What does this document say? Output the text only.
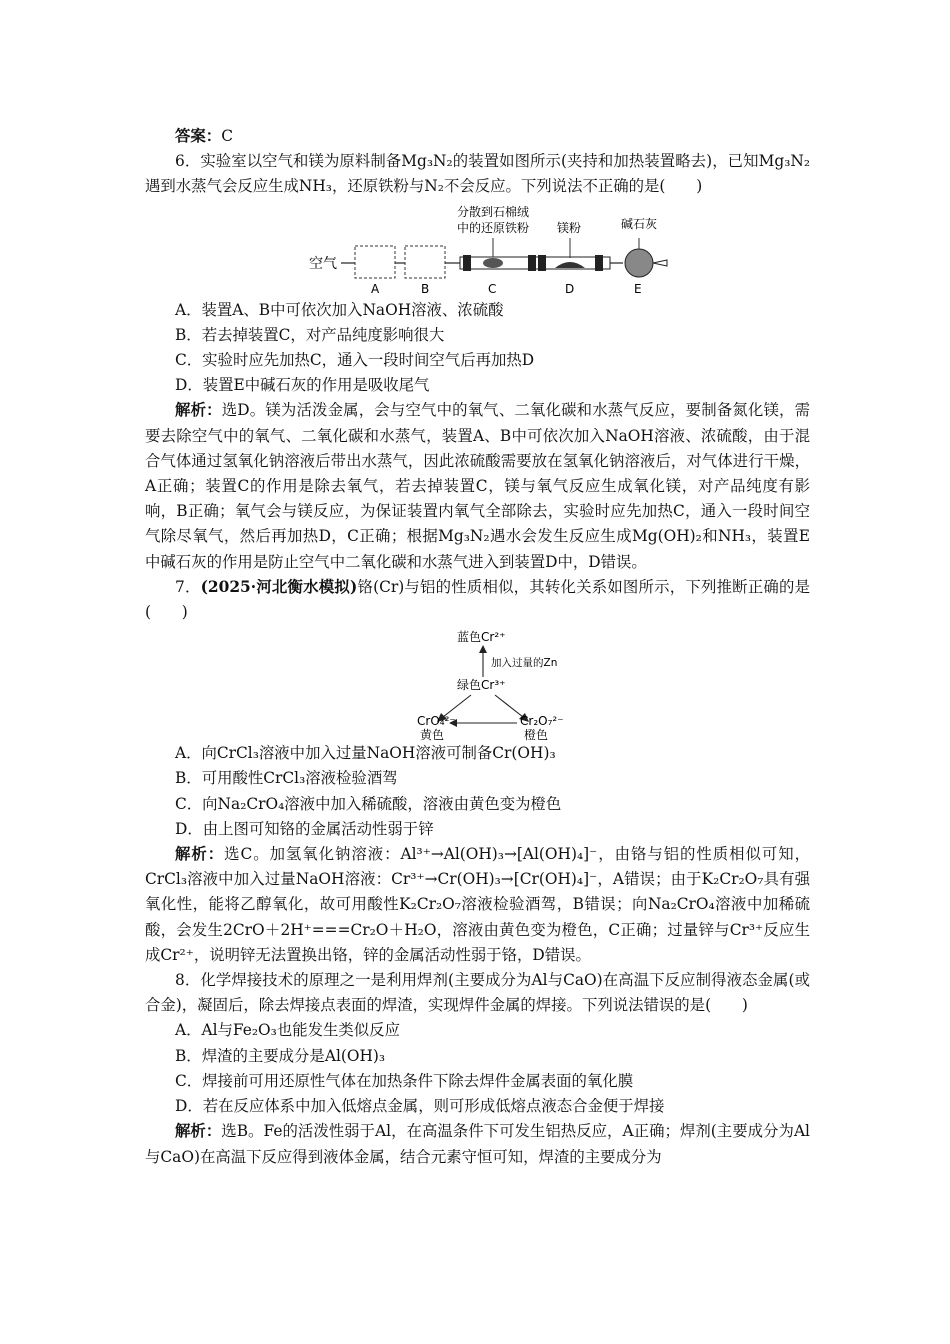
答案：C

6．实验室以空气和镁为原料制备Mg₃N₂的装置如图所示(夹持和加热装置略去)，已知Mg₃N₂遇到水蒸气会反应生成NH₃，还原铁粉与N₂不会反应。下列说法不正确的是(　　)

空气
分散到石棉绒
中的还原铁粉 镁粉	碱石灰
A	B	C	D	E

A．装置A、B中可依次加入NaOH溶液、浓硫酸

B．若去掉装置C，对产品纯度影响很大

C．实验时应先加热C，通入一段时间空气后再加热D

D．装置E中碱石灰的作用是吸收尾气

解析：选D。镁为活泼金属，会与空气中的氧气、二氧化碳和水蒸气反应，要制备氮化镁，需要去除空气中的氧气、二氧化碳和水蒸气，装置A、B中可依次加入NaOH溶液、浓硫酸，由于混合气体通过氢氧化钠溶液后带出水蒸气，因此浓硫酸需要放在氢氧化钠溶液后，对气体进行干燥，A正确；装置C的作用是除去氧气，若去掉装置C，镁与氧气反应生成氧化镁，对产品纯度有影响，B正确；氧气会与镁反应，为保证装置内氧气全部除去，实验时应先加热C，通入一段时间空气除尽氧气，然后再加热D，C正确；根据Mg₃N₂遇水会发生反应生成Mg(OH)₂和NH₃，装置E中碱石灰的作用是防止空气中二氧化碳和水蒸气进入到装置D中，D错误。

7．(2025·河北衡水模拟)铬(Cr)与铝的性质相似，其转化关系如图所示，下列推断正确的是(　　)

蓝色Cr²⁺
加入过量的Zn
绿色Cr³⁺
CrO₄²⁻
黄色
Cr₂O₇²⁻
橙色

A．向CrCl₃溶液中加入过量NaOH溶液可制备Cr(OH)₃

B．可用酸性CrCl₃溶液检验酒驾

C．向Na₂CrO₄溶液中加入稀硫酸，溶液由黄色变为橙色

D．由上图可知铬的金属活动性弱于锌

解析：选C。加氢氧化钠溶液：Al³⁺→Al(OH)₃→[Al(OH)₄]⁻，由铬与铝的性质相似可知，CrCl₃溶液中加入过量NaOH溶液：Cr³⁺→Cr(OH)₃→[Cr(OH)₄]⁻，A错误；由于K₂Cr₂O₇具有强氧化性，能将乙醇氧化，故可用酸性K₂Cr₂O₇溶液检验酒驾，B错误；向Na₂CrO₄溶液中加稀硫酸，会发生2CrO＋2H⁺===Cr₂O＋H₂O，溶液由黄色变为橙色，C正确；过量锌与Cr³⁺反应生成Cr²⁺，说明锌无法置换出铬，锌的金属活动性弱于铬，D错误。

8．化学焊接技术的原理之一是利用焊剂(主要成分为Al与CaO)在高温下反应制得液态金属(或合金)，凝固后，除去焊接点表面的焊渣，实现焊件金属的焊接。下列说法错误的是(　　)

A．Al与Fe₂O₃也能发生类似反应

B．焊渣的主要成分是Al(OH)₃

C．焊接前可用还原性气体在加热条件下除去焊件金属表面的氧化膜

D．若在反应体系中加入低熔点金属，则可形成低熔点液态合金便于焊接

解析：选B。Fe的活泼性弱于Al，在高温条件下可发生铝热反应，A正确；焊剂(主要成分为Al与CaO)在高温下反应得到液体金属，结合元素守恒可知，焊渣的主要成分为
